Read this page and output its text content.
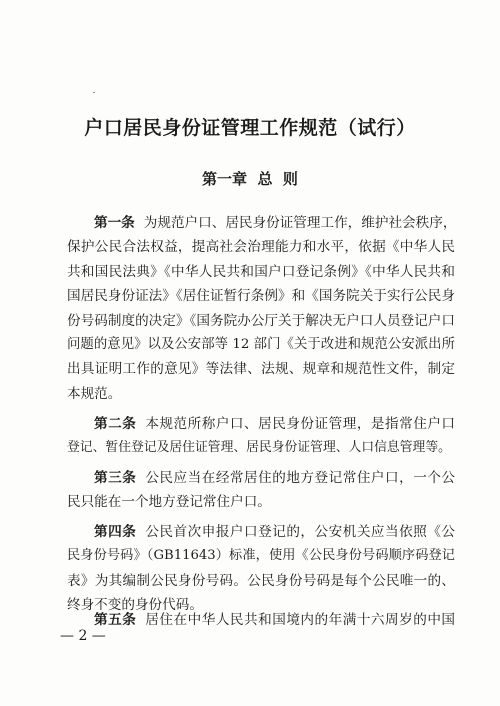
户口居民身份证管理工作规范（试行）
第一章  总  则

第一条 为规范户口、居民身份证管理工作，维护社会秩序，
保护公民合法权益，提高社会治理能力和水平，依据《中华人民
共和国民法典》《中华人民共和国户口登记条例》《中华人民共和
国居民身份证法》《居住证暂行条例》和《国务院关于实行公民身
份号码制度的决定》《国务院办公厅关于解决无户口人员登记户口
问题的意见》以及公安部等 12 部门《关于改进和规范公安派出所
出具证明工作的意见》等法律、法规、规章和规范性文件，制定
本规范。

第二条 本规范所称户口、居民身份证管理，是指常住户口
登记、暂住登记及居住证管理、居民身份证管理、人口信息管理等。

第三条 公民应当在经常居住的地方登记常住户口，一个公
民只能在一个地方登记常住户口。

第四条 公民首次申报户口登记的，公安机关应当依照《公
民身份号码》（GB11643）标准，使用《公民身份号码顺序码登记
表》为其编制公民身份号码。公民身份号码是每个公民唯一的、
终身不变的身份代码。

第五条 居住在中华人民共和国境内的年满十六周岁的中国

— 2 —
